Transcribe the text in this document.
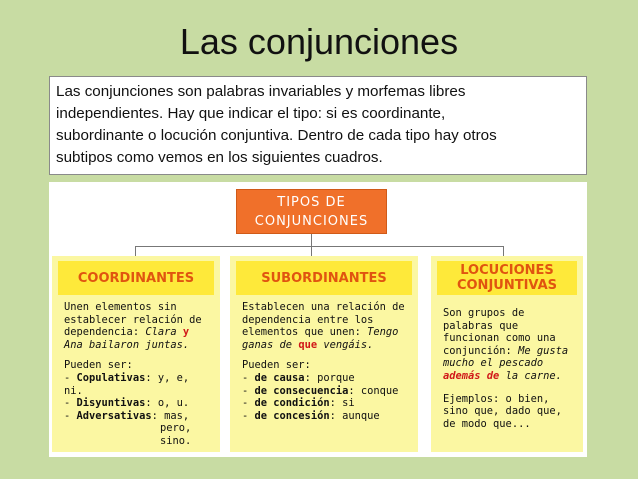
Las conjunciones
Las conjunciones son palabras invariables y morfemas libres
independientes. Hay que indicar el tipo: si es coordinante,
subordinante o locución conjuntiva. Dentro de cada tipo hay otros
subtipos como vemos en los siguientes cuadros.
TIPOS DE
CONJUNCIONES
COORDINANTES

Unen elementos sin
establecer relación de
dependencia: Clara y
Ana bailaron juntas.

Pueden ser:
- Copulativas: y, e, ni.
- Disyuntivas: o, u.
- Adversativas: mas,
pero,
sino.
SUBORDINANTES

Establecen una relación de
dependencia entre los
elementos que unen: Tengo
ganas de que vengáis.

Pueden ser:
- de causa: porque
- de consecuencia: conque
- de condición: si
- de concesión: aunque
LOCUCIONES
CONJUNTIVAS

Son grupos de
palabras que
funcionan como una
conjunción: Me gusta
mucho el pescado
además de la carne.

Ejemplos: o bien,
sino que, dado que,
de modo que...
